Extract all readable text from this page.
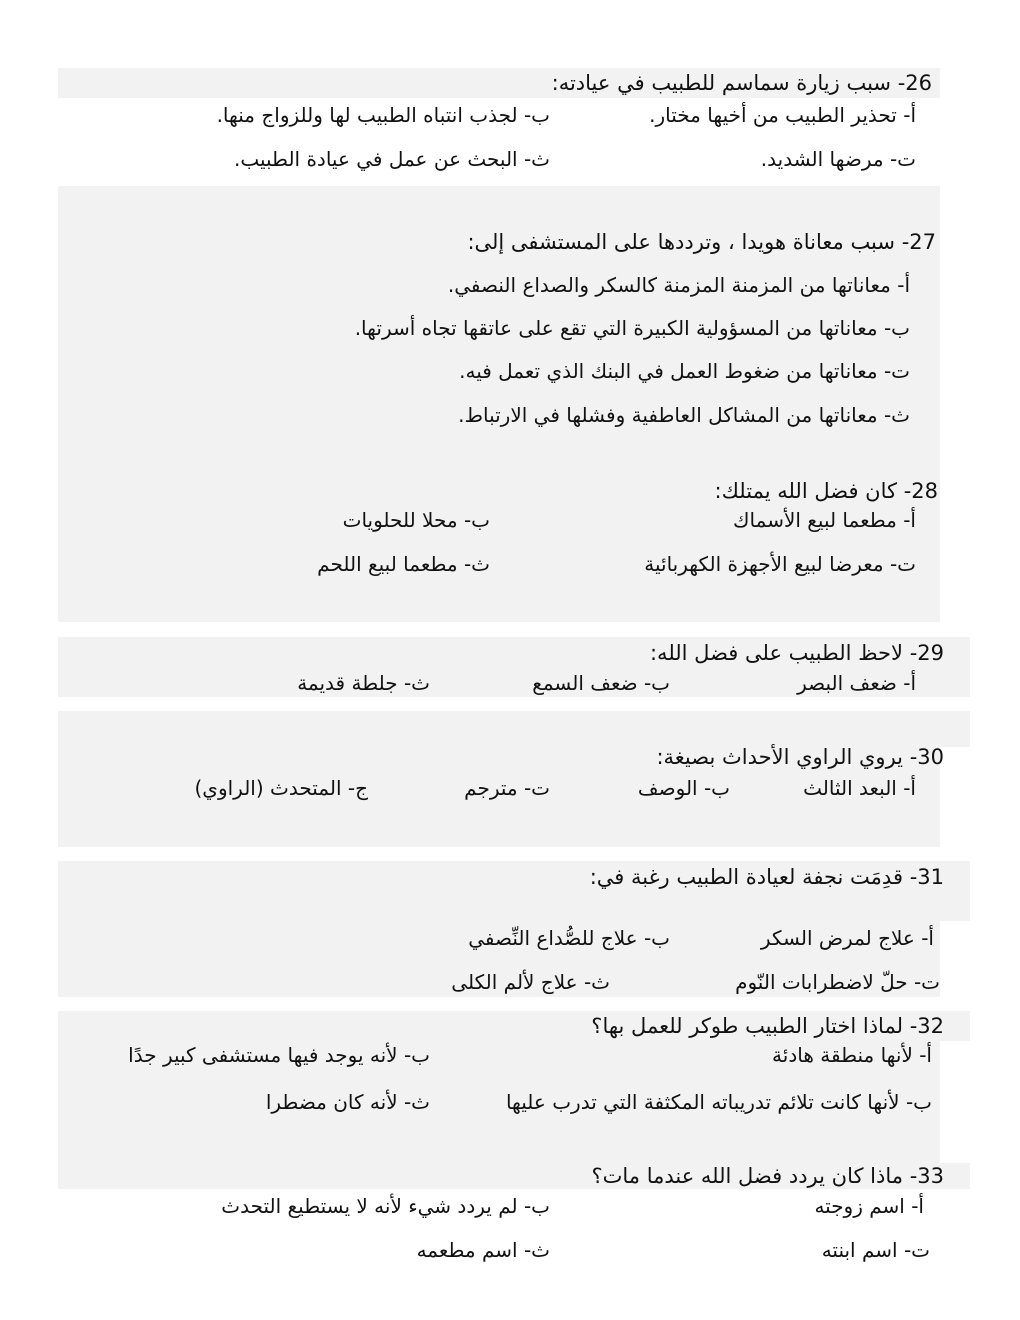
26- سبب زيارة سماسم للطبيب في عيادته:
أ- تحذير الطبيب من أخيها مختار.
ب- لجذب انتباه الطبيب لها وللزواج منها.
ت- مرضها الشديد.
ث- البحث عن عمل في عيادة الطبيب.
27- سبب معاناة هويدا ، وترددها على المستشفى إلى:
أ- معاناتها من المزمنة المزمنة كالسكر والصداع النصفي.
ب- معاناتها من المسؤولية الكبيرة التي تقع على عاتقها تجاه أسرتها.
ت- معاناتها من ضغوط العمل في البنك الذي تعمل فيه.
ث- معاناتها من المشاكل العاطفية وفشلها في الارتباط.
28- كان فضل الله يمتلك:
أ- مطعما لبيع الأسماك
ب- محلا للحلويات
ت- معرضا لبيع الأجهزة الكهربائية
ث- مطعما لبيع اللحم
29- لاحظ الطبيب على فضل الله:
أ- ضعف البصر
ب- ضعف السمع
ث- جلطة قديمة
30- يروي الراوي الأحداث بصيغة:
أ- البعد الثالث
ب- الوصف
ت- مترجم
ج- المتحدث (الراوي)
31- قدِمَت نجفة لعيادة الطبيب رغبة في:
أ- علاج لمرض السكر
ب- علاج للصُّداع النِّصفي
ت- حلّ لاضطرابات النّوم
ث- علاج لألم الكلى
32- لماذا اختار الطبيب طوكر للعمل بها؟
أ- لأنها منطقة هادئة
ب- لأنه يوجد فيها مستشفى كبير جدًا
ب- لأنها كانت تلائم تدريباته المكثفة التي تدرب عليها
ث- لأنه كان مضطرا
33- ماذا كان يردد فضل الله عندما مات؟
أ- اسم زوجته
ب- لم يردد شيء لأنه لا يستطيع التحدث
ت- اسم ابنته
ث- اسم مطعمه
